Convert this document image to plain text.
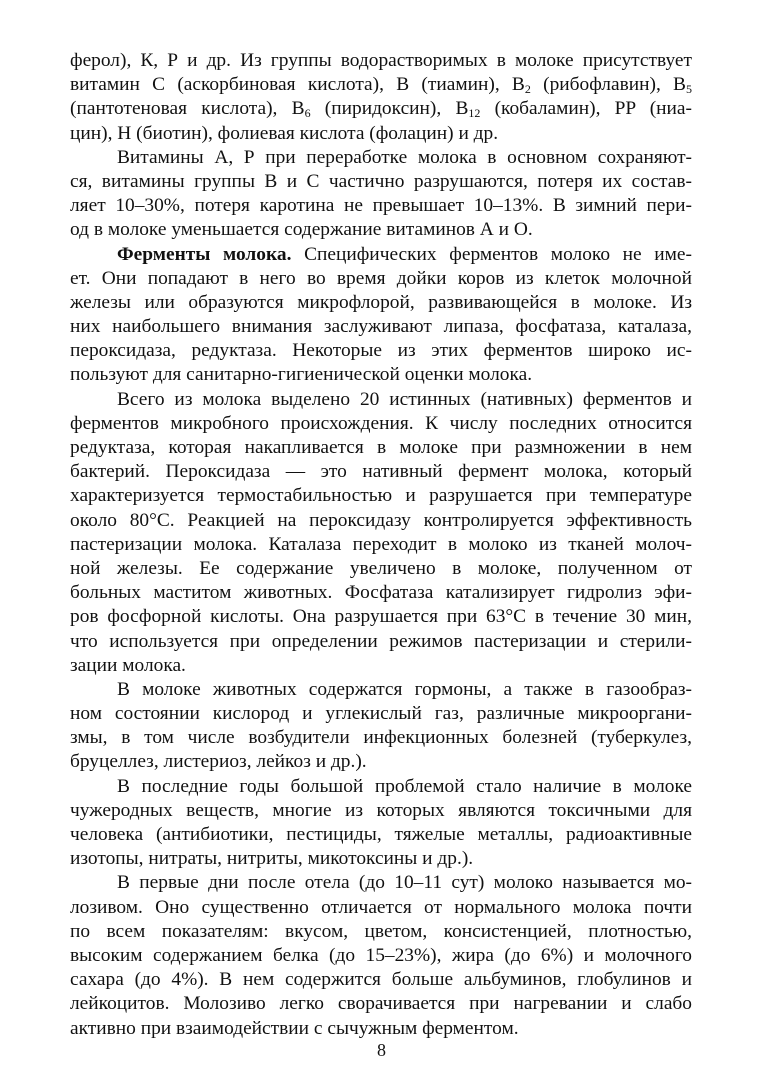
ферол), К, Р и др. Из группы водорастворимых в молоке присутствует
витамин С (аскорбиновая кислота), В (тиамин), $В_2$ (рибофлавин), $В_5$
(пантотеновая кислота), $В_6$ (пиридоксин), $В_{12}$ (кобаламин), PP (ниа-
цин), Н (биотин), фолиевая кислота (фолацин) и др.
Витамины А, Р при переработке молока в основном сохраняют-
ся, витамины группы В и С частично разрушаются, потеря их состав-
ляет 10–30%, потеря каротина не превышает 10–13%. В зимний пери-
од в молоке уменьшается содержание витаминов А и О.
Ферменты молока. Специфических ферментов молоко не име-
ет. Они попадают в него во время дойки коров из клеток молочной
железы или образуются микрофлорой, развивающейся в молоке. Из
них наибольшего внимания заслуживают липаза, фосфатаза, каталаза,
пероксидаза, редуктаза. Некоторые из этих ферментов широко ис-
пользуют для санитарно-гигиенической оценки молока.
Всего из молока выделено 20 истинных (нативных) ферментов и
ферментов микробного происхождения. К числу последних относится
редуктаза, которая накапливается в молоке при размножении в нем
бактерий. Пероксидаза — это нативный фермент молока, который
характеризуется термостабильностью и разрушается при температуре
около 80°С. Реакцией на пероксидазу контролируется эффективность
пастеризации молока. Каталаза переходит в молоко из тканей молоч-
ной железы. Ее содержание увеличено в молоке, полученном от
больных маститом животных. Фосфатаза катализирует гидролиз эфи-
ров фосфорной кислоты. Она разрушается при 63°С в течение 30 мин,
что используется при определении режимов пастеризации и стерили-
зации молока.
В молоке животных содержатся гормоны, а также в газообраз-
ном состоянии кислород и углекислый газ, различные микрооргани-
змы, в том числе возбудители инфекционных болезней (туберкулез,
бруцеллез, листериоз, лейкоз и др.).
В последние годы большой проблемой стало наличие в молоке
чужеродных веществ, многие из которых являются токсичными для
человека (антибиотики, пестициды, тяжелые металлы, радиоактивные
изотопы, нитраты, нитриты, микотоксины и др.).
В первые дни после отела (до 10–11 сут) молоко называется мо-
лозивом. Оно существенно отличается от нормального молока почти
по всем показателям: вкусом, цветом, консистенцией, плотностью,
высоким содержанием белка (до 15–23%), жира (до 6%) и молочного
сахара (до 4%). В нем содержится больше альбуминов, глобулинов и
лейкоцитов. Молозиво легко сворачивается при нагревании и слабо
активно при взаимодействии с сычужным ферментом.
8
